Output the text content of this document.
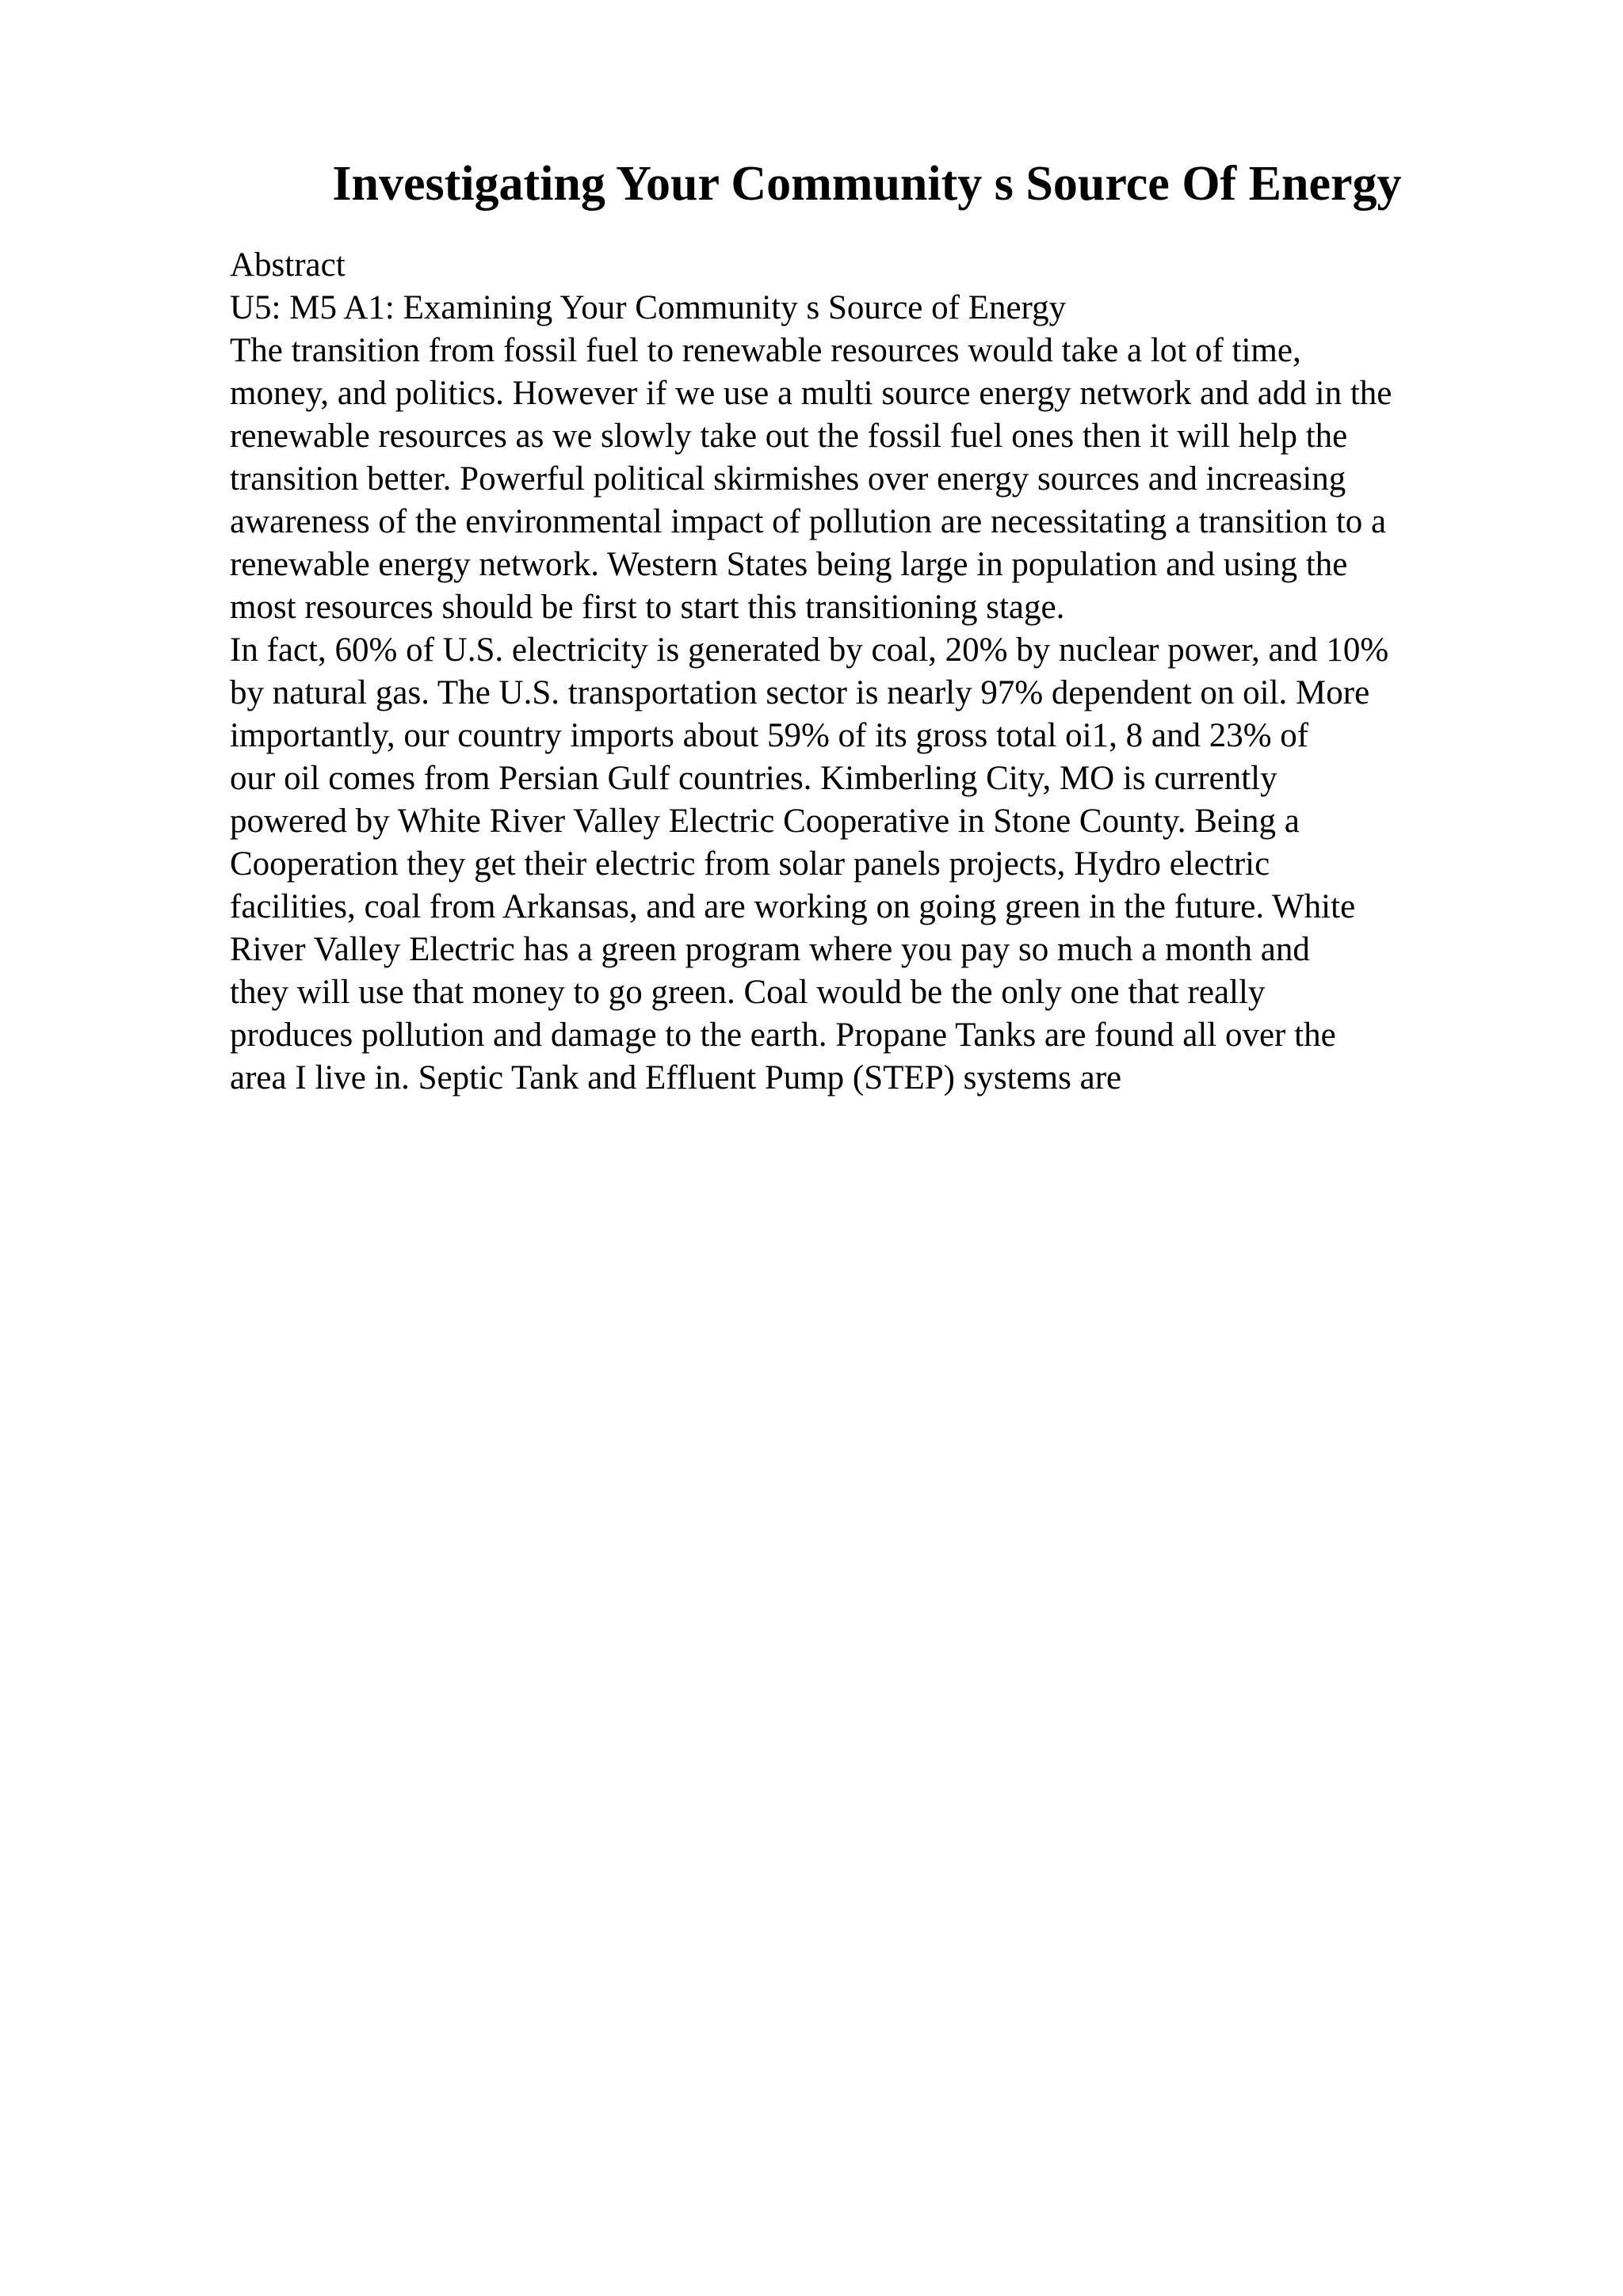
Investigating Your Community s Source Of Energy
Abstract
U5: M5 A1: Examining Your Community s Source of Energy
The transition from fossil fuel to renewable resources would take a lot of time,
money, and politics. However if we use a multi source energy network and add in the
renewable resources as we slowly take out the fossil fuel ones then it will help the
transition better. Powerful political skirmishes over energy sources and increasing
awareness of the environmental impact of pollution are necessitating a transition to a
renewable energy network. Western States being large in population and using the
most resources should be first to start this transitioning stage.
In fact, 60% of U.S. electricity is generated by coal, 20% by nuclear power, and 10%
by natural gas. The U.S. transportation sector is nearly 97% dependent on oil. More
importantly, our country imports about 59% of its gross total oi1, 8 and 23% of
our oil comes from Persian Gulf countries. Kimberling City, MO is currently
powered by White River Valley Electric Cooperative in Stone County. Being a
Cooperation they get their electric from solar panels projects, Hydro electric
facilities, coal from Arkansas, and are working on going green in the future. White
River Valley Electric has a green program where you pay so much a month and
they will use that money to go green. Coal would be the only one that really
produces pollution and damage to the earth. Propane Tanks are found all over the
area I live in. Septic Tank and Effluent Pump (STEP) systems are
